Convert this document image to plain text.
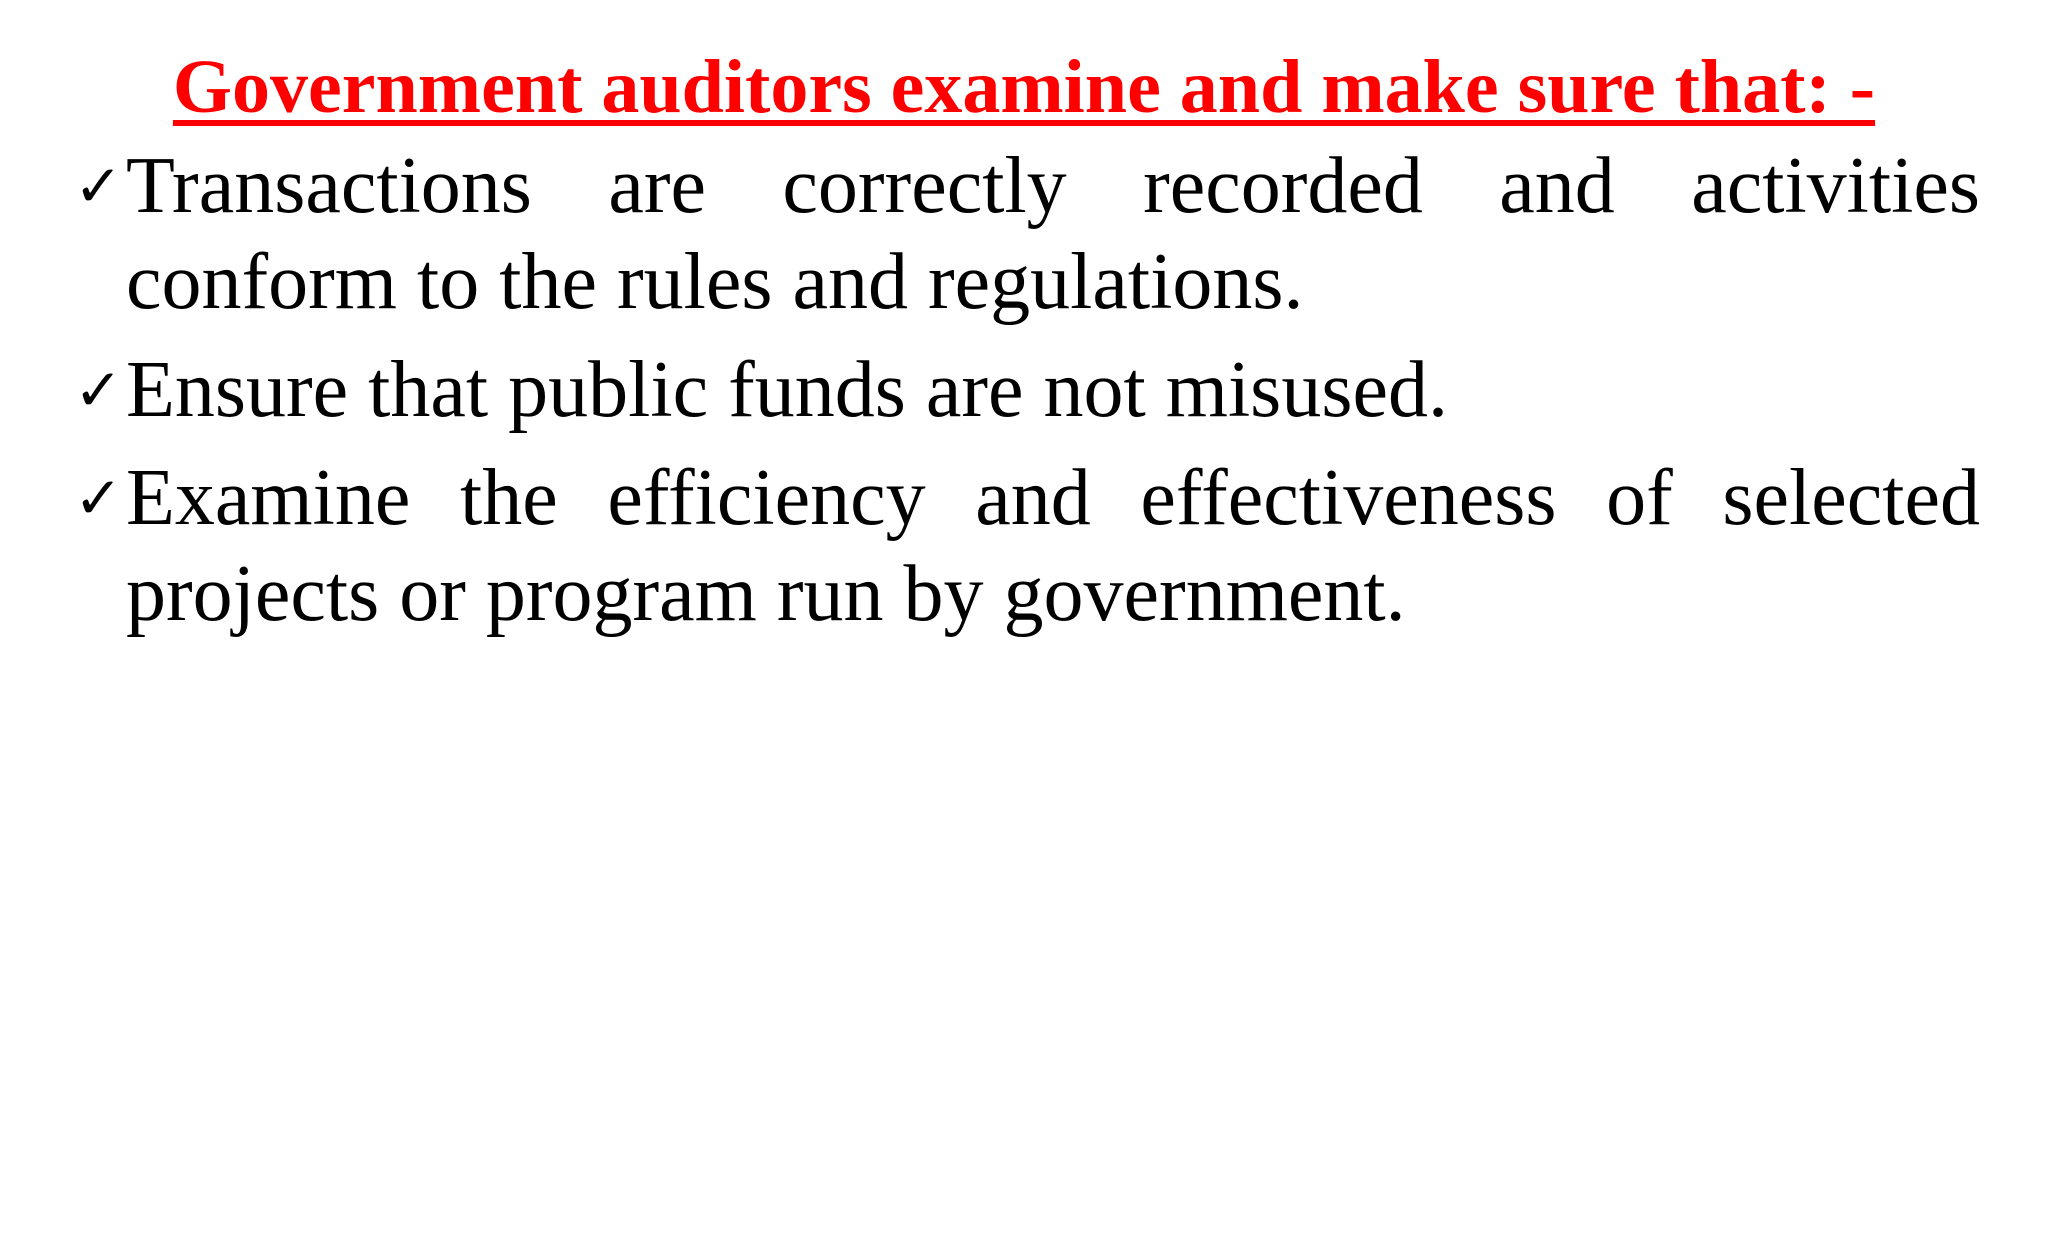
Government auditors examine and make sure that: -
✓ Transactions are correctly recorded and activities conform to the rules and regulations.
✓ Ensure that public funds are not misused.
✓ Examine the efficiency and effectiveness of selected projects or program run by government.
